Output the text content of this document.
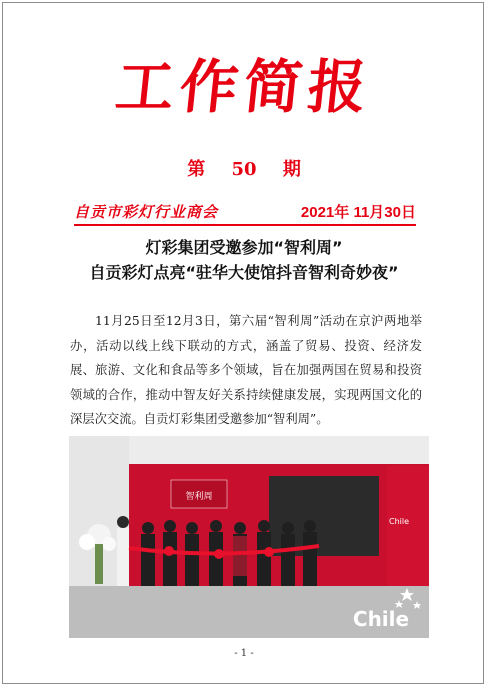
工作简报
第 50 期
自贡市彩灯行业商会	2021年 11月30日
灯彩集团受邀参加“智利周”
自贡彩灯点亮“驻华大使馆抖音智利奇妙夜”
11月25日至12月3日，第六届“智利周”活动在京沪两地举办，活动以线上线下联动的方式，涵盖了贸易、投资、经济发展、旅游、文化和食品等多个领域，旨在加强两国在贸易和投资领域的合作，推动中智友好关系持续健康发展，实现两国文化的深层次交流。自贡灯彩集团受邀参加“智利周”。
智利周
Chile
Chile
- 1 -
